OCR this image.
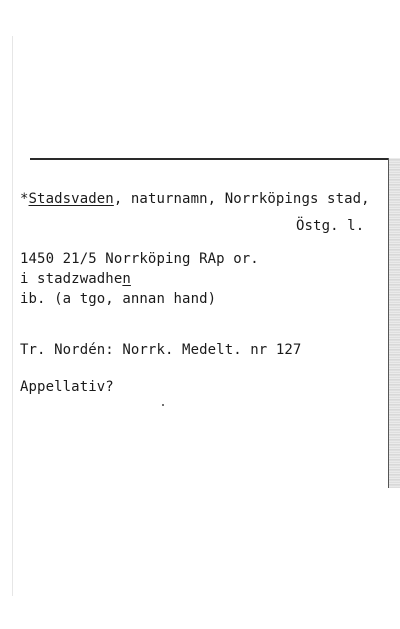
*Stadsvaden, naturnamn, Norrköpings stad,
Östg. l.
1450 21/5 Norrköping RAp or.
i stadzwadhen
ib. (a tgo, annan hand)
Tr. Nordén: Norrk. Medelt. nr 127
Appellativ?
